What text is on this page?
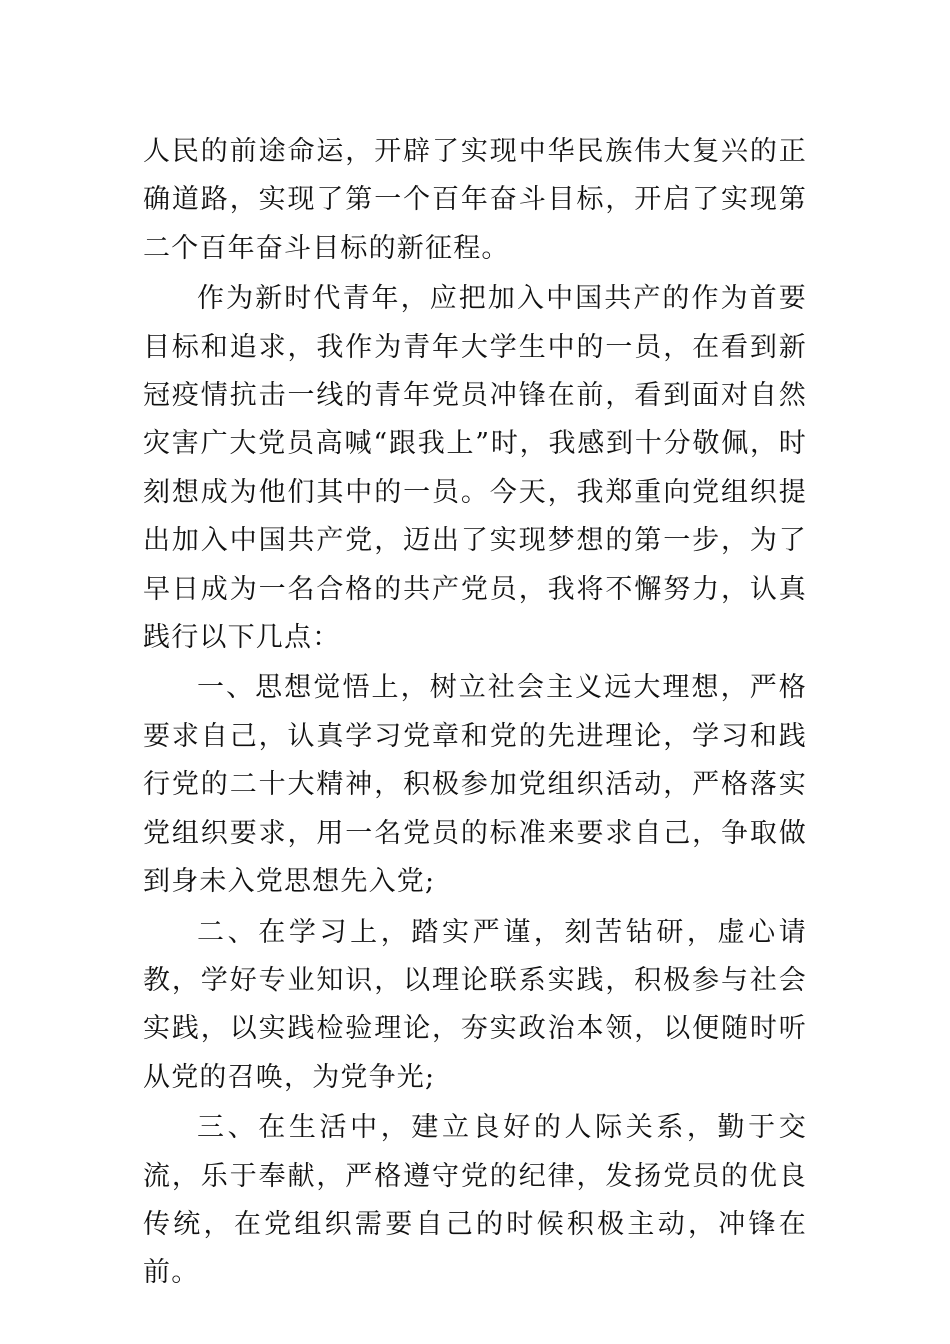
人民的前途命运，开辟了实现中华民族伟大复兴的正确道路，实现了第一个百年奋斗目标，开启了实现第二个百年奋斗目标的新征程。

作为新时代青年，应把加入中国共产的作为首要目标和追求，我作为青年大学生中的一员，在看到新冠疫情抗击一线的青年党员冲锋在前，看到面对自然灾害广大党员高喊“跟我上”时，我感到十分敬佩，时刻想成为他们其中的一员。今天，我郑重向党组织提出加入中国共产党，迈出了实现梦想的第一步，为了早日成为一名合格的共产党员，我将不懈努力，认真践行以下几点：

一、思想觉悟上，树立社会主义远大理想，严格要求自己，认真学习党章和党的先进理论，学习和践行党的二十大精神，积极参加党组织活动，严格落实党组织要求，用一名党员的标准来要求自己，争取做到身未入党思想先入党;

二、在学习上，踏实严谨，刻苦钻研，虚心请教，学好专业知识，以理论联系实践，积极参与社会实践，以实践检验理论，夯实政治本领，以便随时听从党的召唤，为党争光;

三、在生活中，建立良好的人际关系，勤于交流，乐于奉献，严格遵守党的纪律，发扬党员的优良传统，在党组织需要自己的时候积极主动，冲锋在前。
